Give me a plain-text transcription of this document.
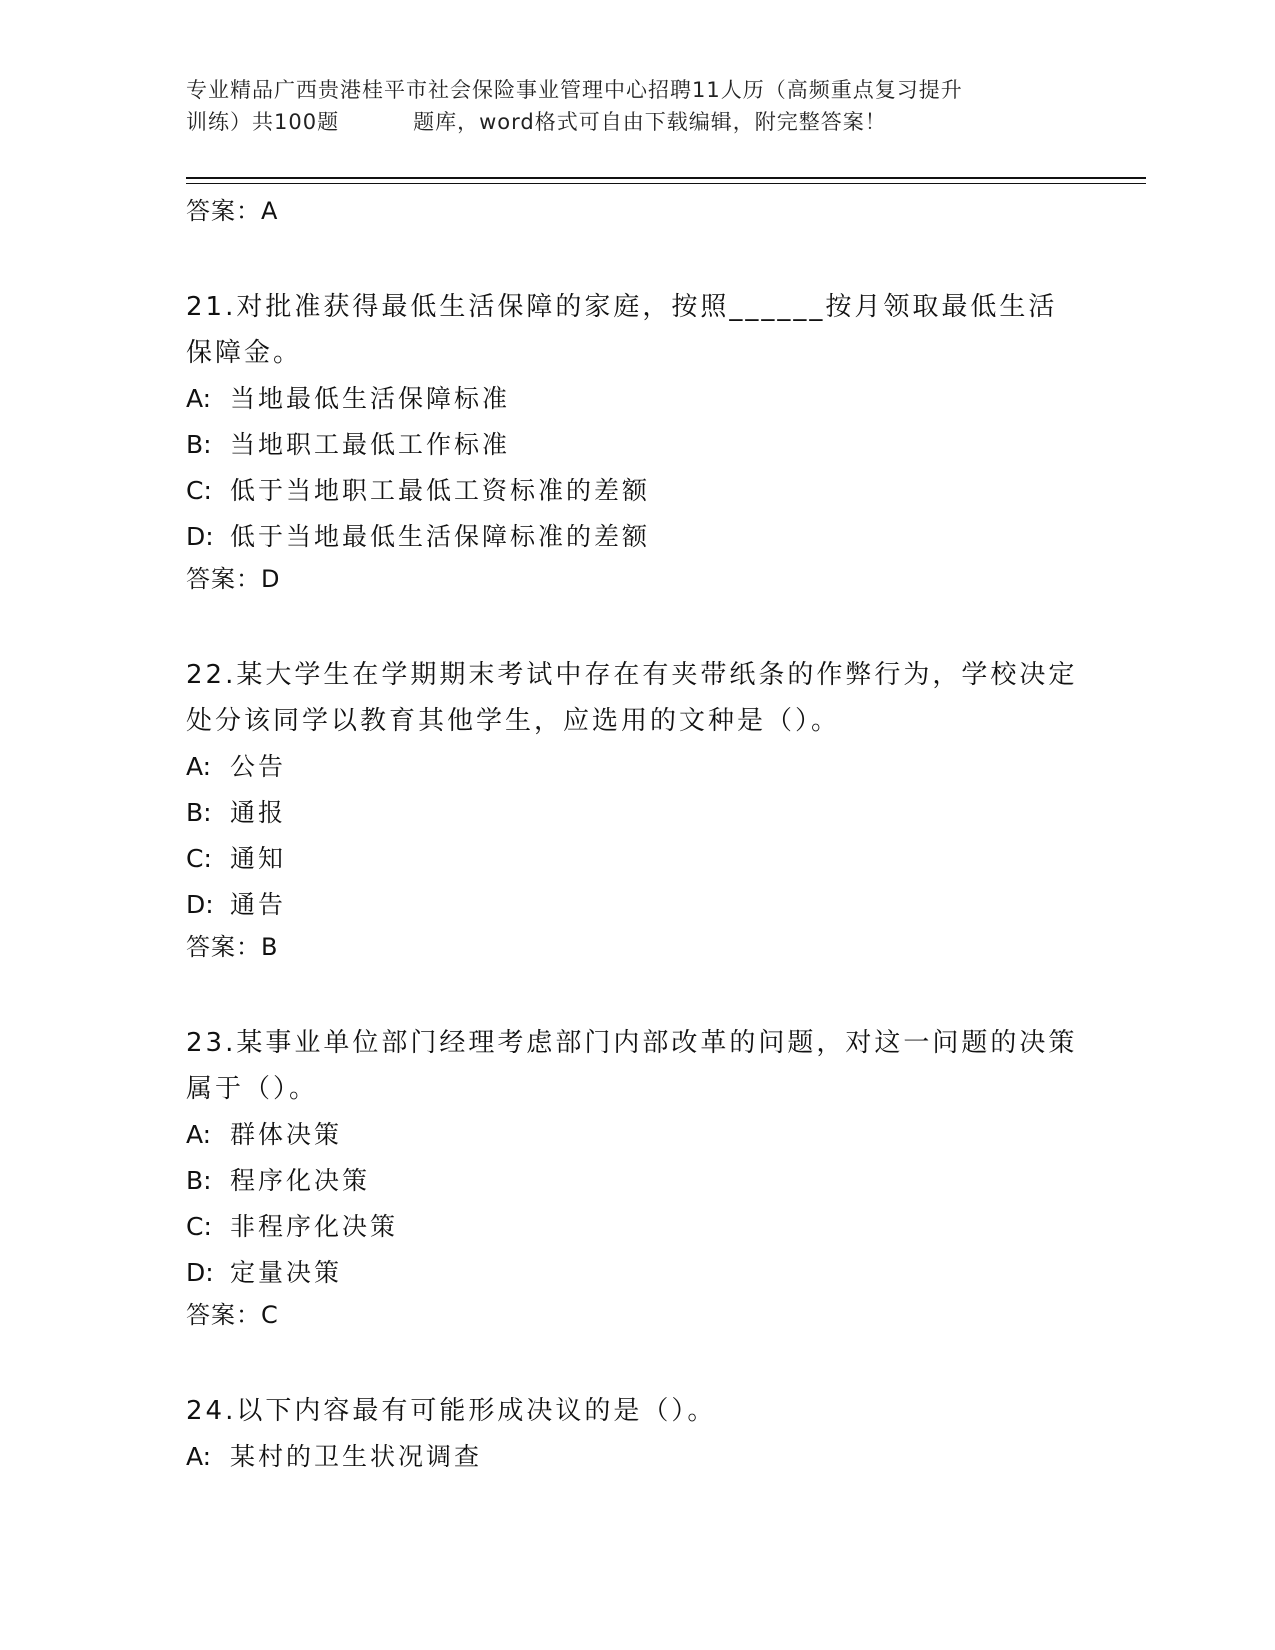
专业精品广西贵港桂平市社会保险事业管理中心招聘11人历（高频重点复习提升
训练）共100题	题库，word格式可自由下载编辑，附完整答案！
答案：A
21.对批准获得最低生活保障的家庭，按照______按月领取最低生活保障金。
A: 当地最低生活保障标准
B: 当地职工最低工作标准
C: 低于当地职工最低工资标准的差额
D: 低于当地最低生活保障标准的差额
答案：D
22.某大学生在学期期末考试中存在有夹带纸条的作弊行为，学校决定处分该同学以教育其他学生，应选用的文种是（）。
A: 公告
B: 通报
C: 通知
D: 通告
答案：B
23.某事业单位部门经理考虑部门内部改革的问题，对这一问题的决策属于（）。
A: 群体决策
B: 程序化决策
C: 非程序化决策
D: 定量决策
答案：C
24.以下内容最有可能形成决议的是（）。
A: 某村的卫生状况调查
